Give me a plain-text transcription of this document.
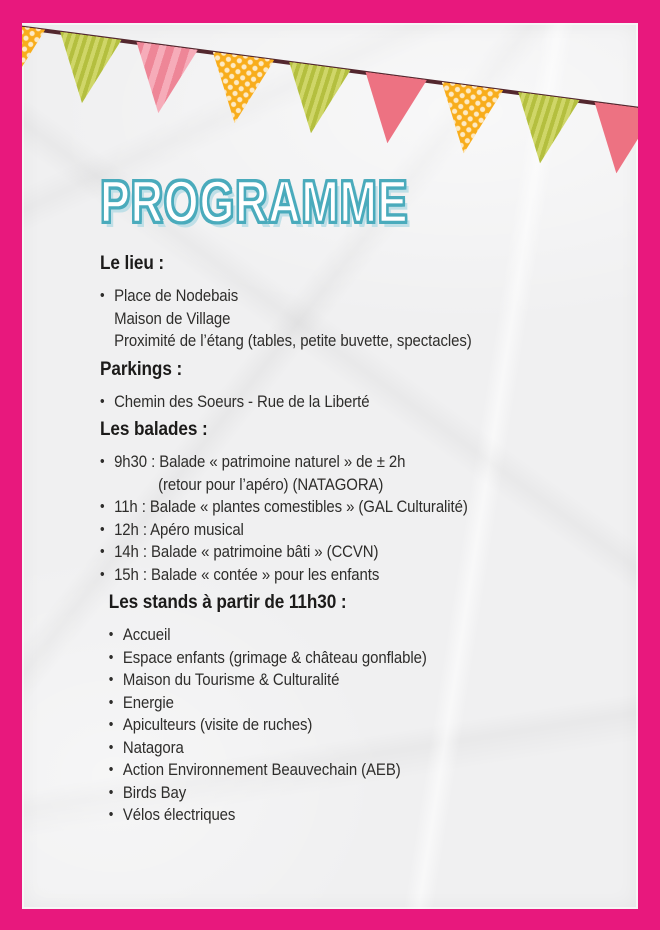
PROGRAMME
Le lieu :
• Place de Nodebais
Maison de Village
Proximité de l’étang (tables, petite buvette, spectacles)
Parkings :
• Chemin des Soeurs - Rue de la Liberté
Les balades :
• 9h30 : Balade « patrimoine naturel » de ± 2h
(retour pour l’apéro) (NATAGORA)
• 11h : Balade « plantes comestibles » (GAL Culturalité)
• 12h : Apéro musical
• 14h : Balade « patrimoine bâti » (CCVN)
• 15h : Balade « contée » pour les enfants
Les stands à partir de 11h30 :
• Accueil
• Espace enfants (grimage & château gonflable)
• Maison du Tourisme & Culturalité
• Energie
• Apiculteurs (visite de ruches)
• Natagora
• Action Environnement Beauvechain (AEB)
• Birds Bay
• Vélos électriques
